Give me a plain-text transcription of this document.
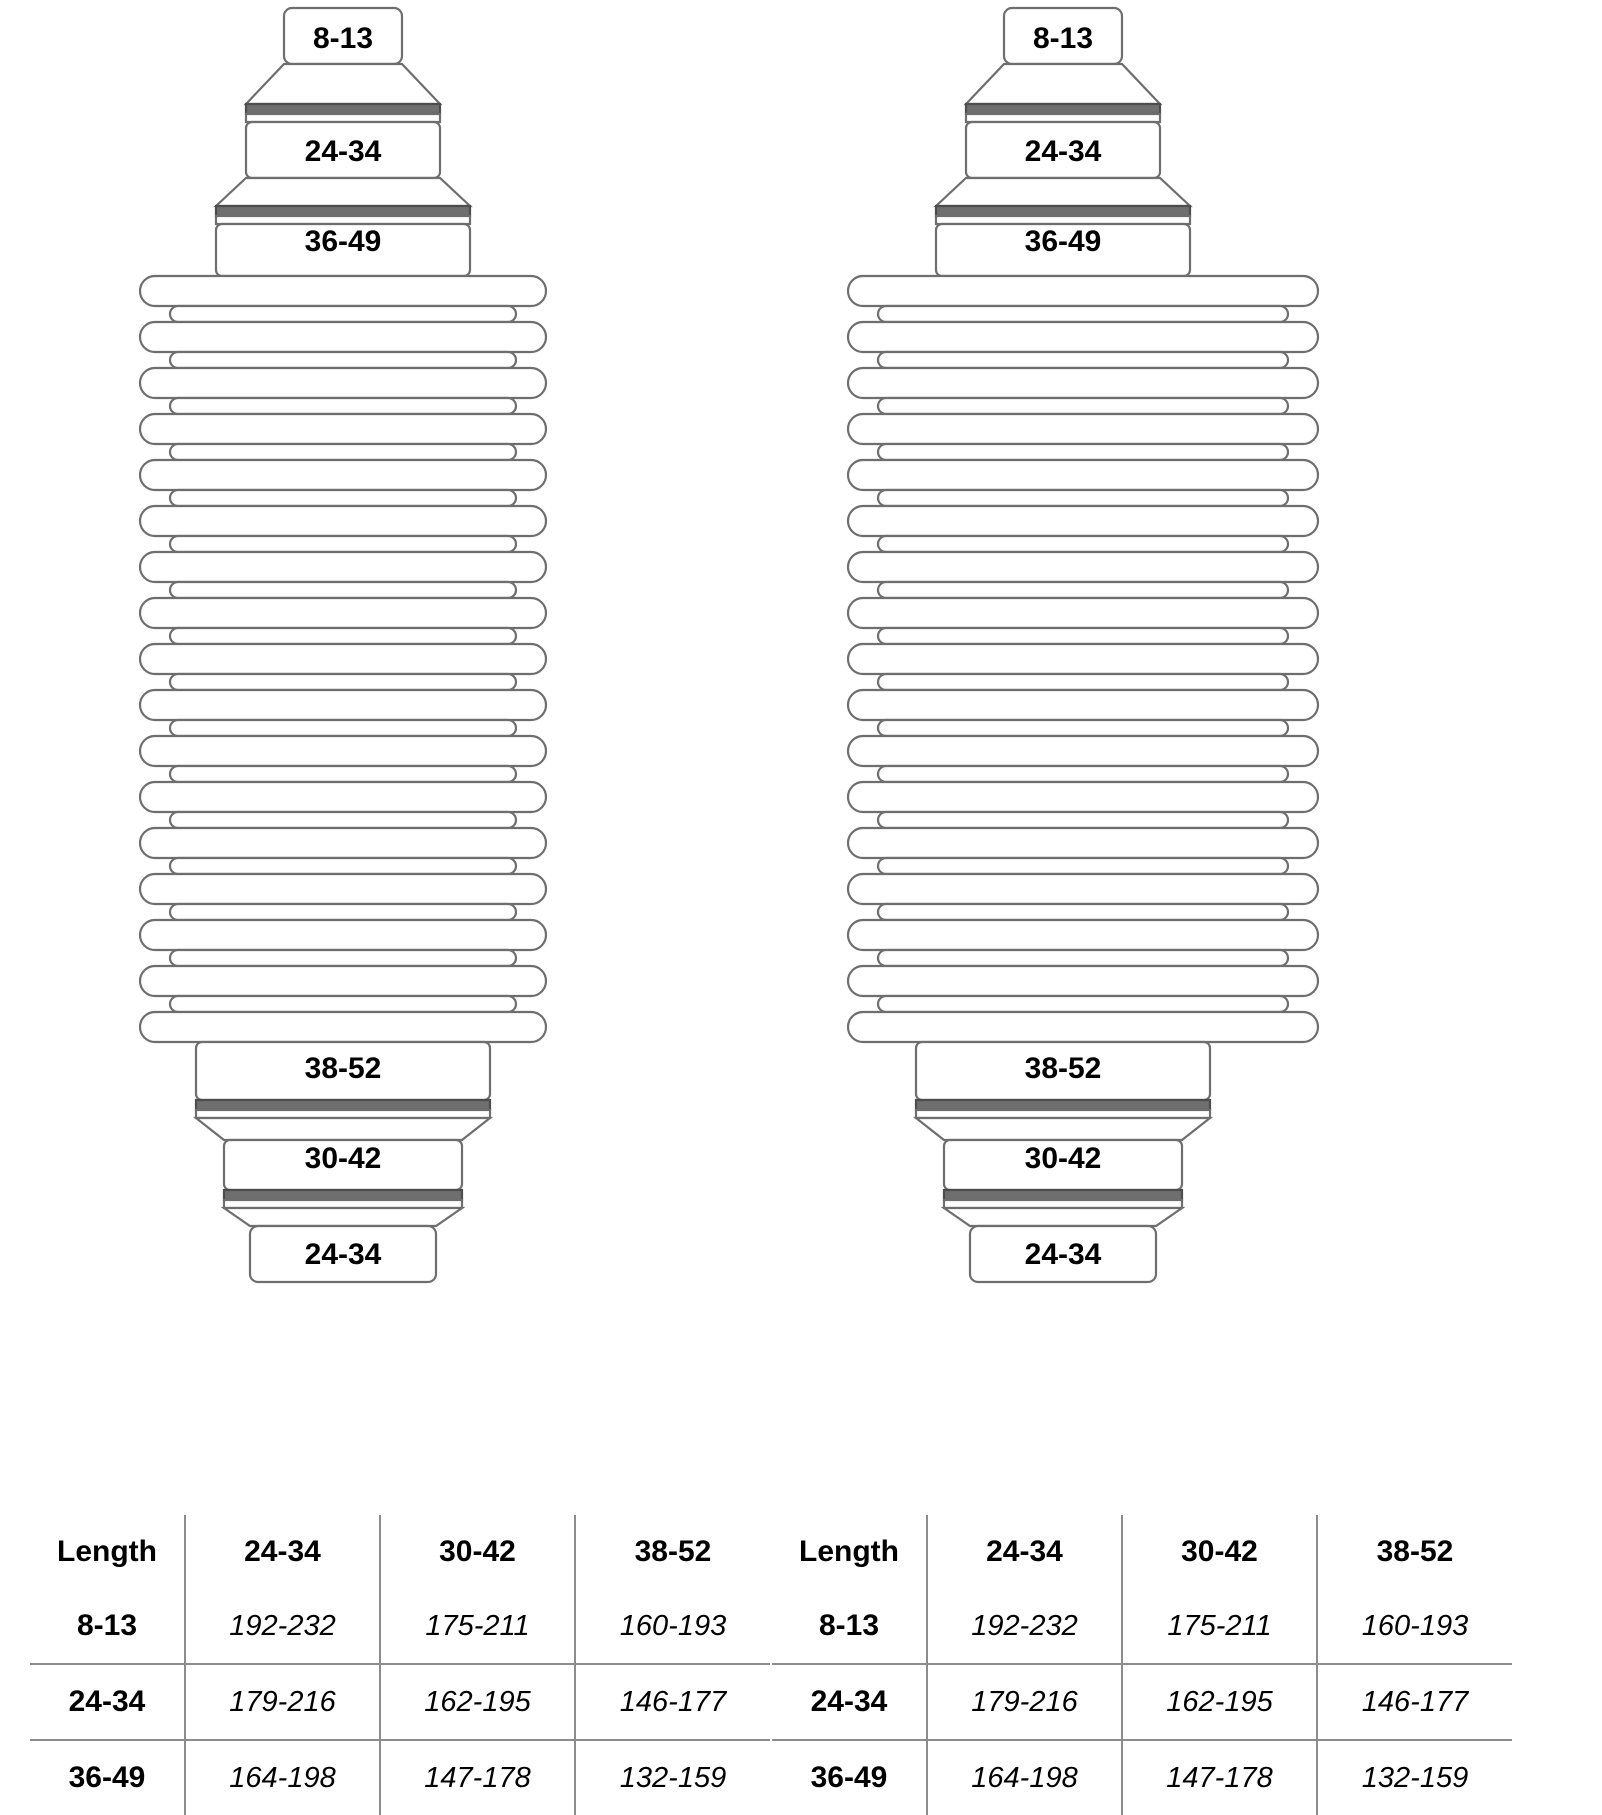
8-13
24-34
36-49
38-52
30-42
24-34
Length	24-34	30-42	38-52
8-13	192-232	175-211	160-193
24-34	179-216	162-195	146-177
36-49	164-198	147-178	132-159
8-13
24-34
36-49
38-52
30-42
24-34
Length	24-34	30-42	38-52
8-13	192-232	175-211	160-193
24-34	179-216	162-195	146-177
36-49	164-198	147-178	132-159
